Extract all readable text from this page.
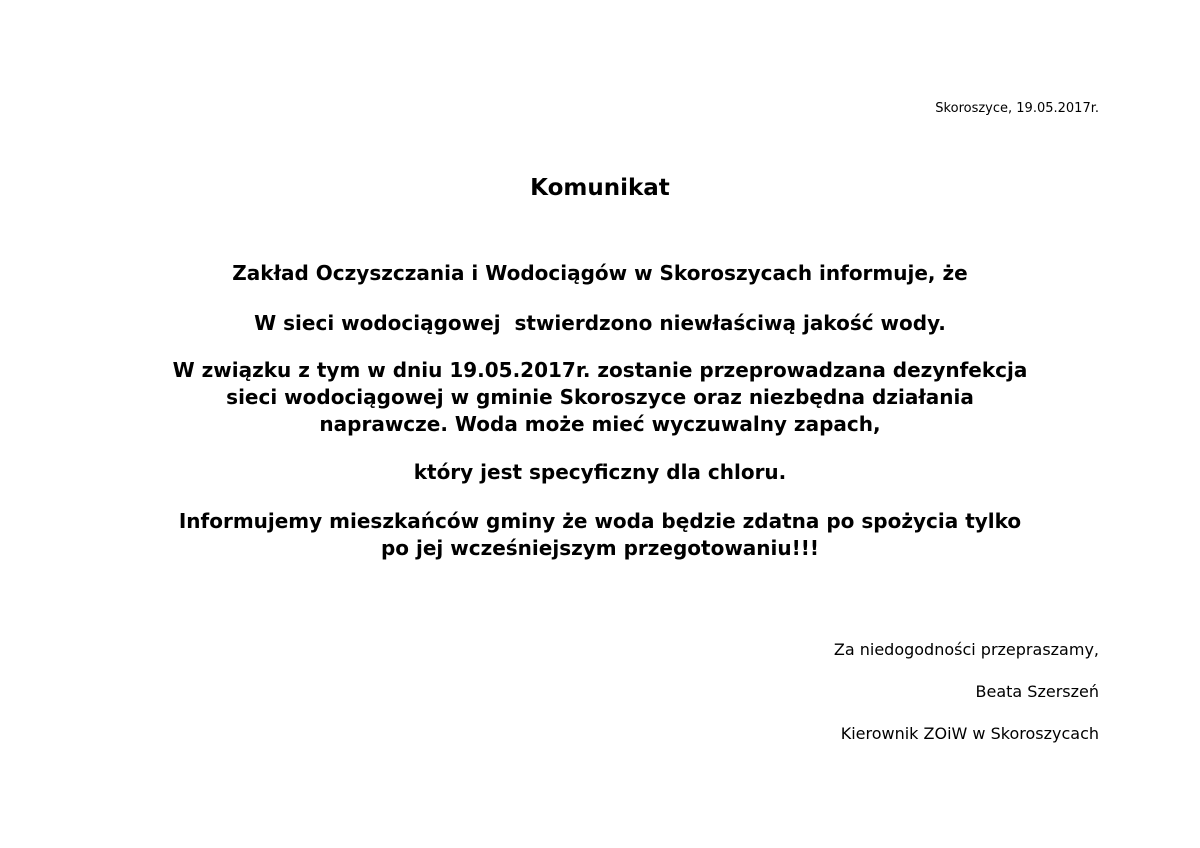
Skoroszyce, 19.05.2017r.
Komunikat
Zakład Oczyszczania i Wodociągów w Skoroszycach informuje, że
W sieci wodociągowej  stwierdzono niewłaściwą jakość wody.
W związku z tym w dniu 19.05.2017r. zostanie przeprowadzana dezynfekcja
sieci wodociągowej w gminie Skoroszyce oraz niezbędna działania
naprawcze. Woda może mieć wyczuwalny zapach,
który jest specyficzny dla chloru.
Informujemy mieszkańców gminy że woda będzie zdatna po spożycia tylko
po jej wcześniejszym przegotowaniu!!!
Za niedogodności przepraszamy,
Beata Szerszeń
Kierownik ZOiW w Skoroszycach
